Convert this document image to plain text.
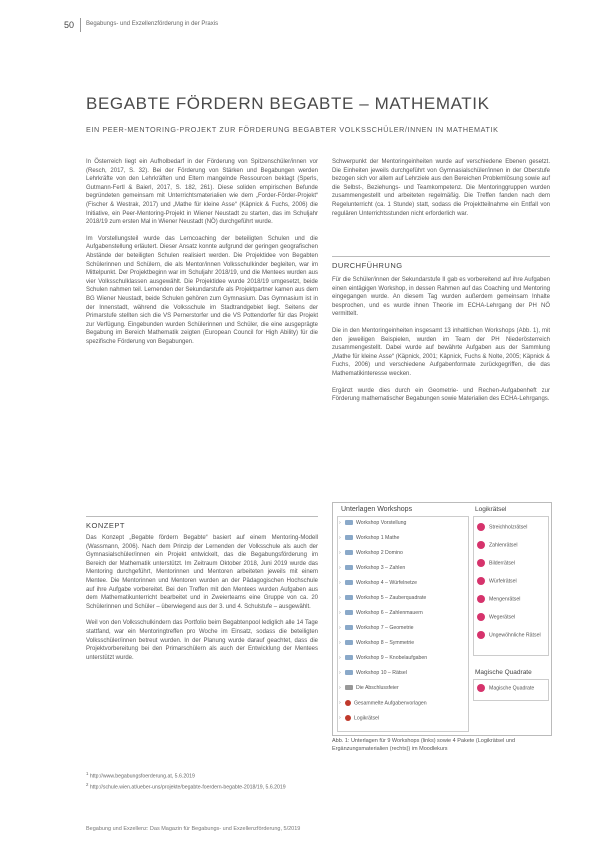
50 Begabungs- und Exzellenzförderung in der Praxis
BEGABTE FÖRDERN BEGABTE – MATHEMATIK
EIN PEER-MENTORING-PROJEKT ZUR FÖRDERUNG BEGABTER VOLKSSCHÜLER/INNEN IN MATHEMATIK

In Österreich liegt ein Aufholbedarf in der Förderung von Spitzenschüler/innen vor (Resch, 2017, S. 32). Bei der Förderung von Stärken und Begabungen werden Lehrkräfte von den Lehrkräften und Eltern mangelnde Ressourcen beklagt (Sperls, Gutmann-Fertl & Baierl, 2017, S. 182, 261). Diese soliden empirischen Befunde begründeten gemeinsam mit Unterrichtsmaterialien wie dem „Forder-Förder-Projekt“ (Fischer & Westrak, 2017) und „Mathe für kleine Asse“ (Käpnick & Fuchs, 2006) die Initiative, ein Peer-Mentoring-Projekt in Wiener Neustadt zu starten, das im Schuljahr 2018/19 zum ersten Mal in Wiener Neustadt (NÖ) durchgeführt wurde.

Im Vorstellungsteil wurde das Lerncoaching der beteiligten Schulen und die Aufgabenstellung erläutert. Dieser Ansatz konnte aufgrund der geringen geografischen Abstände der beteiligten Schulen realisiert werden. Die Projektidee von Begabten Schülerinnen und Schülern, die als Mentor/innen Volksschulkinder begleiten, war im Mittelpunkt. Der Projektbeginn war im Schuljahr 2018/19, und die Mentees wurden aus vier Volksschulklassen ausgewählt. Die Projektidee wurde 2018/19 umgesetzt, beide Schulen nahmen teil. Lernenden der Sekundarstufe als Projektpartner kamen aus dem BG Wiener Neustadt, beide Schulen gehören zum Gymnasium. Das Gymnasium ist in der Innenstadt, während die Volksschule im Stadtrandgebiet liegt. Seitens der Primarstufe stellten sich die VS Pernerstorfer und die VS Pottendorfer für das Projekt zur Verfügung. Eingebunden wurden Schülerinnen und Schüler, die eine ausgeprägte Begabung im Bereich Mathematik zeigten (European Council for High Ability) für die spezifische Förderung von Begabungen.

KONZEPT

Das Konzept „Begabte fördern Begabte“ basiert auf einem Mentoring-Modell (Wassmann, 2006). Nach dem Prinzip der Lernenden der Volksschule als auch der Gymnasialschüler/innen ein Projekt entwickelt, das die Begabungsförderung im Bereich der Mathematik unterstützt. Im Zeitraum Oktober 2018, Juni 2019 wurde das Mentoring durchgeführt, Mentorinnen und Mentoren arbeiteten jeweils mit einem Mentee. Die Mentorinnen und Mentoren wurden an der Pädagogischen Hochschule auf ihre Aufgabe vorbereitet. Bei den Treffen mit den Mentees wurden Aufgaben aus dem Mathematikunterricht bearbeitet und in Zweierteams eine Gruppe von ca. 20 Schülerinnen und Schüler – überwiegend aus der 3. und 4. Schulstufe – ausgewählt.

Weil von den Volksschulkindern das Portfolio beim Begabtenpool lediglich alle 14 Tage stattfand, war ein Mentoringtreffen pro Woche im Einsatz, sodass die beteiligten Volksschüler/innen betreut wurden. In der Planung wurde darauf geachtet, dass die Projektvorbereitung bei den Primarschülern als auch der Entwicklung der Mentees unterstützt wurde.

$^1$ http://www.begabungsfoerderung.at, 5.6.2019
$^2$ http://schule.wien.at/ueber-uns/projekte/begabte-foerdern-begabte-2018/19, 5.6.2019

Schwerpunkt der Mentoringeinheiten wurde auf verschiedene Ebenen gesetzt. Die Einheiten jeweils durchgeführt von Gymnasialschüler/innen in der Oberstufe bezogen sich vor allem auf Lehrziele aus den Bereichen Problemlösung sowie auf die Selbst-, Beziehungs- und Teamkompetenz. Die Mentoringgruppen wurden zusammengestellt und arbeiteten regelmäßig. Die Treffen fanden nach dem Regelunterricht (ca. 1 Stunde) statt, sodass die Projektteilnahme ein Entfall von regulären Unterrichtsstunden nicht erforderlich war.

DURCHFÜHRUNG

Für die Schüler/innen der Sekundarstufe II gab es vorbereitend auf ihre Aufgaben einen eintägigen Workshop, in dessen Rahmen auf das Coaching und Mentoring eingegangen wurde. An diesem Tag wurden außerdem gemeinsam Inhalte besprochen, und es wurde ihnen Theorie im ECHA-Lehrgang der PH NÖ vermittelt.

Die in den Mentoringeinheiten insgesamt 13 inhaltlichen Workshops (Abb. 1), mit den jeweiligen Beispielen, wurden im Team der PH Niederösterreich zusammengestellt. Dabei wurde auf bewährte Aufgaben aus der Sammlung „Mathe für kleine Asse“ (Käpnick, 2001; Käpnick, Fuchs & Nolte, 2005; Käpnick & Fuchs, 2006) und verschiedene Aufgabenformate zurückgegriffen, die das Mathematikinteresse wecken.

Ergänzt wurde dies durch ein Geometrie- und Rechen-Aufgabenheft zur Förderung mathematischer Begabungen sowie Materialien des ECHA-Lehrgangs.

Unterlagen Workshops
›	Workshop Vorstellung
›	Workshop 1 Mathe
›	Workshop 2 Domino
›	Workshop 3 – Zahlen
›	Workshop 4 – Würfelnetze
›	Workshop 5 – Zauberquadrate
›	Workshop 6 – Zahlenmauern
›	Workshop 7 – Geometrie
›	Workshop 8 – Symmetrie
›	Workshop 9 – Knobelaufgaben
›	Workshop 10 – Rätsel
›	Die Abschlussfeier
›	Gesammelte Aufgabenvorlagen
›	Logikrätsel
Logikrätsel
Streichholzrätsel
Zahlenrätsel
Bilderrätsel
Würfelrätsel
Mengenrätsel
Wegerätsel
Ungewöhnliche Rätsel
Magische Quadrate
Magische Quadrate
Abb. 1: Unterlagen für 9 Workshops (links) sowie 4 Pakete (Logikrätsel und Ergänzungsmaterialien (rechts)) im Moodlekurs
Begabung und Exzellenz: Das Magazin für Begabungs- und Exzellenzförderung, 5/2019
